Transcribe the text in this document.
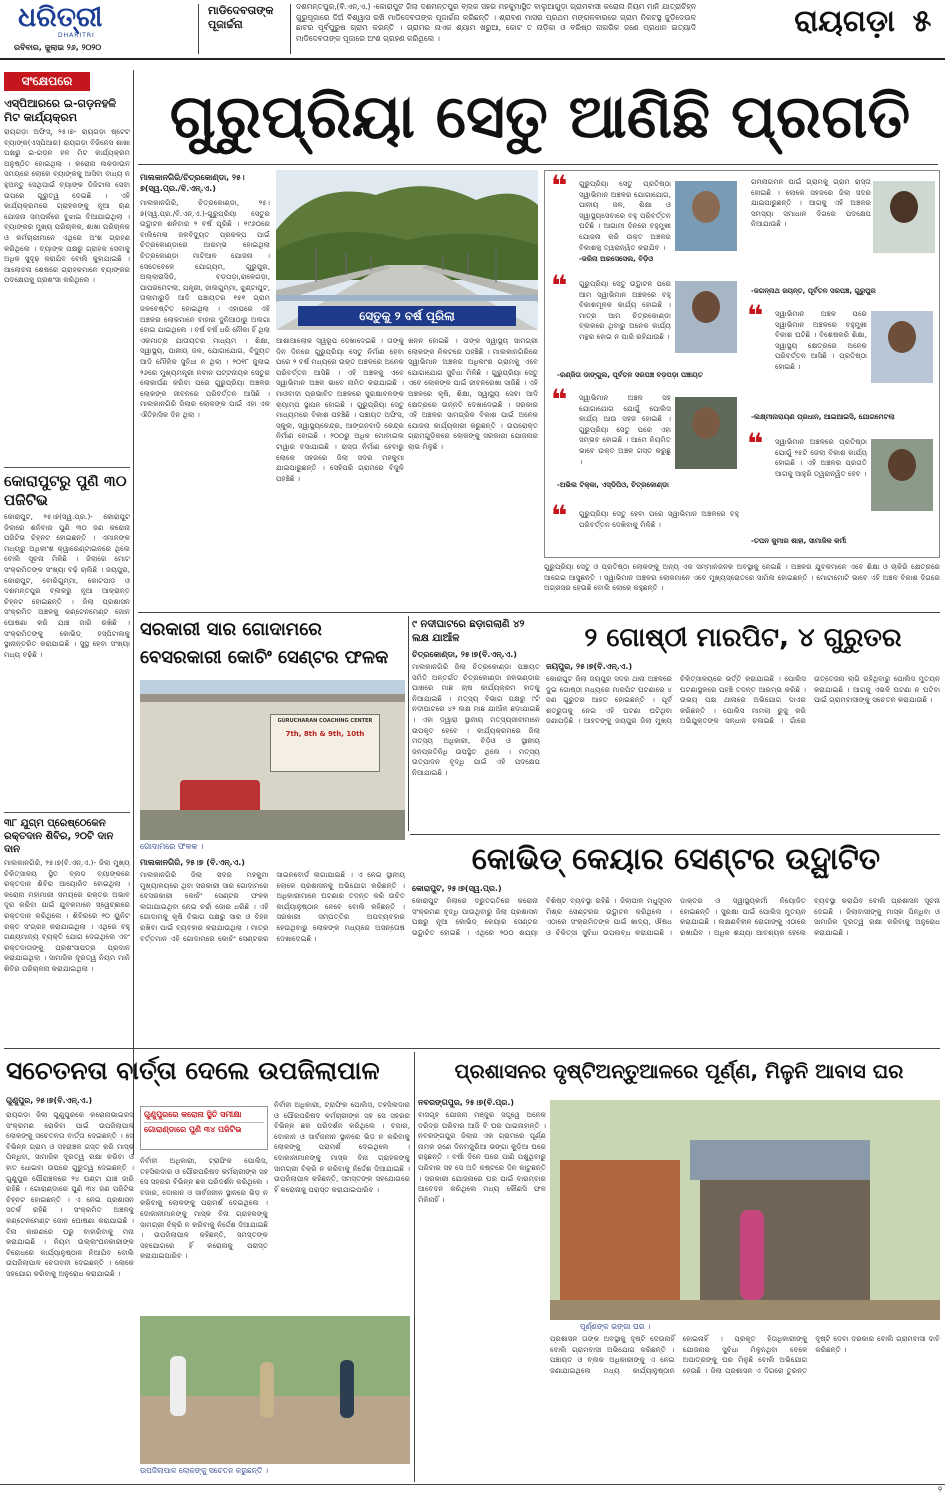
ଧରିତ୍ରୀ
DHARITRI
ରବିବାର, ଜୁଲାଇ ୨୬, ୨୦୨୦
ମାଡିଦେବତାଙ୍କ ପୂଜାର୍ଚ୍ଚନା
ଦଶମନ୍ତପୁର,(ବି.ଏନ୍.ଏ.) -କୋରାପୁଟ ଜିଲା ଦଶମନ୍ତପୁର ବ୍ଲକ ସହର ମହକୁମାସ୍ଥିତ ବାଲୁଆଗୁଡ଼ା ଗ୍ରାମବାସୀ କରୋନା ନିୟମ ମାନି ଯାତ୍ରାଚିହ୍ନ ଗୁରୁପୂଜାରେ ଦିଅଁ ବିଶ୍ୱାସ ରଖି ମାଡିଦେବତାଙ୍କ ପୂଜାର୍ଚ୍ଚନା କରିଛନ୍ତି । ଶ୍ରାବଣ ମାସର ପ୍ରଥମ ମଙ୍ଗଳବାରରେ ଗ୍ରାମ ନିକଟସ୍ଥ ଜୁଡ଼ିଦେଉଳ ଛାଟର ପୂର୍ବପୁରୁଷ ଗ୍ରାମ କରନ୍ତି । ଗ୍ରାମର ନାଏକ ଶ୍ୟାମ ଖରୁଆ, କୋଟ ତ ନାଡ଼ିକା ଓ ବରିଷ୍ଠ ନାଗରିକ ଜଣେ ପ୍ରଧାନ ଇତ୍ୟାଦି ମାଡିଦେବତାଙ୍କ ପୂଜାରେ ଅଂଶ ଗ୍ରହଣ କରିଥିଲେ ।	ରାୟଗଡ଼ା ୫
ସଂକ୍ଷେପରେ
ଏସ୍ପିଆରରେ ଇ-ଗଡ଼ନହଳି ମିଟ କାର୍ଯ୍ୟକ୍ରମ
ରାୟଗଡ଼ା ଅଫିସ୍, ୨୫।୭- ରାୟଗଡ଼ା ଷ୍ଟେଟ ବ୍ୟାଙ୍କ(ଏସ୍ପିଆର) ରାୟଗଡ଼ା ବିଜିନେସ ଶାଖା ପକ୍ଷରୁ ଇ-ଗଡ଼ନ ହଳ ମିଟ କାର୍ଯ୍ୟକ୍ରମ ଅନୁଷ୍ଠିତ ହୋଇଥିଲା । କରୋନା ଲକଡାଉନ ସମୟରେ ଲୋକେ ବ୍ୟାଙ୍କକୁ ଆସିବା ବାଧ୍ୟ ନ ହୁଅନ୍ତୁ ସେଥିପାଇଁ ବ୍ୟାଙ୍କ ଡିଜିଟାଲ ସେବା ଉପରେ ଗୁରୁତ୍ୱ ଦେଇଛି । ଏହି କାର୍ଯ୍ୟକ୍ରମରେ ଗ୍ରାହକଙ୍କୁ ନୂଆ ଋଣ ଯୋଜନା ସମ୍ପର୍କରେ ବୁଝାଇ ଦିଆଯାଇଥିଲା । ବ୍ୟାଙ୍କର ମୁଖ୍ୟ ପରିଚାଳକ, ଶାଖା ପରିଚାଳକ ଓ କର୍ମଚାରୀମାନେ ଏଥିରେ ଅଂଶ ଗ୍ରହଣ କରିଥିଲେ । ବ୍ୟାଙ୍କ ପକ୍ଷରୁ ଗ୍ରାହକ ସେବାକୁ ଅଧିକ ସୁଦୃଢ଼ କରାଯିବ ବୋଲି କୁହାଯାଇଛି । ଆଲୋଚନା ଶେଷରେ ଗ୍ରାହକମାନେ ବ୍ୟାଙ୍କର ପଦକ୍ଷେପକୁ ପ୍ରଶଂସା କରିଥିଲେ ।
କୋରାପୁଟରୁ ପୁଣି ୩୦ ପଜିଟିଭ
କୋରାପୁଟ, ୨୫।୭(ସ୍ୱ.ପ୍ର.)- କୋରାପୁଟ ଜିଲାରେ ଶନିବାର ପୁଣି ୩୦ ଜଣ କରୋନା ପଜିଟିଭ ଚିହ୍ନଟ ହୋଇଛନ୍ତି । ଏମାନଙ୍କ ମଧ୍ୟରୁ ଅଧିକାଂଶ କ୍ୱାରେଣ୍ଟାଇନରେ ଥିଲେ ବୋଲି ସୂଚନା ମିଳିଛି । ଜିଲାରେ ମୋଟ ସଂକ୍ରମିତଙ୍କ ସଂଖ୍ୟା ବଢ଼ି ଚାଲିଛି । ଜୟପୁର, କୋରାପୁଟ, ବୋରିଗୁମ୍ମା, କୋଟପାଡ଼ ଓ ଦଶମନ୍ତପୁର ବ୍ଲକରୁ ନୂଆ ଆକ୍ରାନ୍ତ ଚିହ୍ନଟ ହୋଇଛନ୍ତି । ଜିଲା ପ୍ରଶାସନ ସଂକ୍ରମିତ ଅଞ୍ଚଳକୁ କଣ୍ଟେନମେଣ୍ଟ ଜୋନ ଘୋଷଣା କରି ଯାଞ୍ଚ ଜାରି ରଖିଛି । ସଂକ୍ରମିତଙ୍କୁ କୋଭିଡ୍ ହସ୍ପିଟାଲକୁ ସ୍ଥାନାନ୍ତରିତ କରାଯାଇଛି । ସୁସ୍ଥ ହେବା ସଂଖ୍ୟା ମଧ୍ୟ ବଢ଼ିଛି ।
୩୮ ଯୁଗ୍ମ ପ୍ରେଷ୍ଠେକେନ ରକ୍ତଦାନ ଶିବିର, ୨୦ଟି ଦାନ ଦାନ
ମାଲକାନଗିରି, ୨୫।୭(ବି.ଏନ୍.ଏ.)- ଜିଲା ମୁଖ୍ୟ ଚିକିତ୍ସାଳୟ ସ୍ଥିତ ବ୍ଲଡ ବ୍ୟାଙ୍କରେ ରକ୍ତଦାନ ଶିବିର ଆୟୋଜିତ ହୋଇଥିଲା । କରୋନା ମହାମାରୀ ସମୟରେ ରକ୍ତର ଅଭାବ ଦୂର କରିବା ପାଇଁ ଯୁବକମାନେ ସ୍ୱେଚ୍ଛାରେ ରକ୍ତଦାନ କରିଥିଲେ । ଶିବିରରେ ୨୦ ୟୁନିଟ ରକ୍ତ ସଂଗ୍ରହ କରାଯାଇଥିଲା । ଏଥିରେ ବହୁ ଗଣ୍ୟମାନ୍ୟ ବ୍ୟକ୍ତି ଯୋଗ ଦେଇଥିଲେ ଏବଂ ରକ୍ତଦାତାଙ୍କୁ ପ୍ରଶଂସାପତ୍ର ପ୍ରଦାନ କରାଯାଇଥିଲା । ସାମାଜିକ ଦୂରତ୍ୱ ନିୟମ ମାନି ଶିବିର ପରିଚାଳନା କରାଯାଇଥିଲା ।
ଗୁରୁପ୍ରିୟା ସେତୁ ଆଣିଛି ପ୍ରଗତି
ମାଲକାନଗିରି/ଚିତ୍ରକୋଣ୍ଡା, ୨୫।୭(ସ୍ୱ.ପ୍ର./ବି.ଏନ୍.ଏ.)
ମାଲକାନଗିରି, ଚିତ୍ରକୋଣ୍ଡା, ୨୫।୭(ସ୍ୱ.ପ୍ର./ବି.ଏନ୍.ଏ.)-ଗୁରୁପ୍ରିୟା ସେତୁର ଉଦ୍ଘାଟନ ଶନିବାର ୨ ବର୍ଷ ପୂରିଛି । ୧୯୬୦ରେ ବାଲିମେଳା ଜଳବିଦ୍ୟୁତ ପ୍ରକଳ୍ପ ପାଇଁ ଚିତ୍ରକୋଣ୍ଡାରେ ଆରମ୍ଭ ହୋଇଥିଲା ଚିତ୍ରକୋଣ୍ଡା ମାଟିଆଳ ଯୋଜନା । ସେତେବେଳେ ଯୋଗ୍ୟମ, ଗୁରୁପୁର, ଅଲ୍ଲାରାସିଡି, ବଡ଼ପଡ଼ା,ରାଳେଗଡ଼ା, ପାପରମେଟଲା, ଯନ୍ତ୍ରୀ, ଜାଲଗୁମ୍ମା, ଝୁଣ୍ଟାପୁଟ, ତାଲାମାରୁଡ଼ି ଆଦି ପଞ୍ଚାୟତର ୧୫୧ ଗ୍ରାମ ଜଳବେଷ୍ଟିତ ହୋଇଥିଲା । ଏହାପରେ ଏହି ଅଞ୍ଚଳର ଲୋକମାନେ ବାହାର ଦୁନିଆଠାରୁ ଅଲଗା ହୋଇ ଯାଇଥିଲେ । ବର୍ଷ ବର୍ଷ ଧରି ନୌକା ହିଁ ଥିଲା ଏକମାତ୍ର ଯାତାୟତର ମାଧ୍ୟମ । ଶିକ୍ଷା, ସ୍ୱାସ୍ଥ୍ୟ, ପାନୀୟ ଜଳ, ଯୋଗାଯୋଗ, ବିଦ୍ୟୁତ ଆଦି ମୌଳିକ ସୁବିଧା ନ ଥିଲା । ୨୦୧୮ ଜୁଲାଇ ୨୬ରେ ମୁଖ୍ୟମନ୍ତ୍ରୀ ନବୀନ ପଟ୍ଟନାୟକ ସେତୁର ଲୋକାର୍ପଣ କରିବା ପରେ ଗୁରୁପ୍ରିୟା ଅଞ୍ଚଳର ଲୋକଙ୍କ ଜୀବନରେ ପରିବର୍ତ୍ତନ ଆସିଛି । ମାଲକାନଗିରି ଜିଲାର ଲୋକଙ୍କ ପାଇଁ ଏହା ଏକ ଐତିହାସିକ ଦିନ ଥିଲା ।
ସେତୁକୁ ୨ ବର୍ଷ ପୂରିଲା
ଆଶାଆଲୋକ ସ୍ୱରୂପ ଦେଖାଦେଇଛି । ତାଙ୍କୁ ଦିନ ଦିନରେ ଗୁରୁପ୍ରିୟା ସେତୁ ନିର୍ମାଣ ହେବା ପରେ ୨ ବର୍ଷ ମଧ୍ୟରେ ଉକ୍ତ ଅଞ୍ଚଳରେ ଅନେକ ପରିବର୍ତ୍ତନ ଆସିଛି । ଏହି ଅଞ୍ଚଳକୁ ଏବେ ସ୍ୱାଭିମାନ ଅଞ୍ଚଳ ଭାବେ ନାମିତ କରାଯାଇଛି । ମାଓବାଦୀ ପ୍ରଭାବିତ ଅଞ୍ଚଳରେ ସୁରକ୍ଷାବଳଙ୍କ କ୍ୟାମ୍ପ ସ୍ଥାପନ ହୋଇଛି । ଗୁରୁପ୍ରିୟା ସେତୁ ମାଧ୍ୟମରେ ବିକାଶ ପହଞ୍ଚିଛି । ପଞ୍ଚାୟତ ଅଫିସ, ସ୍କୁଲ, ସ୍ୱାସ୍ଥ୍ୟକେନ୍ଦ୍ର, ଆଙ୍ଗନବାଡ଼ି କେନ୍ଦ୍ର ନିର୍ମାଣ ହୋଇଛି । ୨୦୦ରୁ ଅଧିକ ମୋବାଇଲ ଟାୱାର ବସାଯାଇଛି । ରାସ୍ତା ନିର୍ମାଣ ହେବାରୁ ଲୋକେ ସହଜରେ ଜିଲା ସଦର ମହକୁମା ଯାଇପାରୁଛନ୍ତି । ସେହିପରି ଗ୍ରାମରେ ବିଜୁଳି ପହଞ୍ଚିଛି ।
ଖନନ ହୋଇଛି । ତାଙ୍କ ସ୍ୱାସ୍ଥ୍ୟ ସାମଗ୍ରୀ ଲୋକଙ୍କ ନିକଟରେ ପହଞ୍ଚିଛି । ମାଲକାନଗିରିରେ ସ୍ୱାଭିମାନ ଅଞ୍ଚଳର ଅଧିକାଂଶ ଗ୍ରାମକୁ ଏବେ ଯୋଗାଯୋଗ ସୁବିଧା ମିଳିଛି । ଗୁରୁପ୍ରିୟା ସେତୁ ଏବେ ଲୋକଙ୍କ ପାଇଁ ଜୀବନରେଖା ସାଜିଛି । ଏହି ଅଞ୍ଚଳରେ କୃଷି, ଶିକ୍ଷା, ସ୍ୱାସ୍ଥ୍ୟ ସେବା ଆଦି କ୍ଷେତ୍ରରେ ଉନ୍ନତି ଦେଖାଦେଇଛି । ସରକାର ଏହି ଅଞ୍ଚଳର ସାମଗ୍ରିକ ବିକାଶ ପାଇଁ ଅନେକ ଯୋଜନା କାର୍ଯ୍ୟକାରୀ କରୁଛନ୍ତି । ଉପରୋକ୍ତ ଗ୍ରାମଗୁଡ଼ିକରେ ଲୋକଙ୍କୁ ସରକାରୀ ଯୋଜନାର ଲାଭ ମିଳୁଛି ।
❝ ଗୁରୁପ୍ରିୟା ସେତୁ ପ୍ରତିଷ୍ଠା ସ୍ୱାଭିମାନ ଅଞ୍ଚଳର ଯୋଗାଯୋଗ, ପାନୀୟ ଜଳ, ଶିକ୍ଷା ଓ ସ୍ୱାସ୍ଥ୍ୟସେବାରେ ବହୁ ପରିବର୍ତ୍ତନ ଘଟିଛି । ଆଗାମୀ ଦିନରେ ବହୁମୁଖୀ ଯୋଜନା କରି ଉକ୍ତ ଅଞ୍ଚଳର ବିକାଶକୁ ତ୍ୱରାନ୍ୱିତ କରାଯିବ ।
-ଜରିନା ଅରସେସେଲ, ବିଡ଼ିଓ
❝ ଗୁରୁପ୍ରିୟା ସେତୁ ଉଦ୍ଘାଟନ ପରେ ଆମ ସ୍ୱାଭିମାନ ଅଞ୍ଚଳରେ ବହୁ ବିକାଶମୂଳକ କାର୍ଯ୍ୟ ହୋଇଛି । ମାତ୍ର ଆମ ଚିତ୍ରକୋଣ୍ଡା ବ୍ଲକରେ ଥିବାରୁ ଅନେକ କାର୍ଯ୍ୟ ମନ୍ଥର ହୋଇ ନ ପାରି ରହିଯାଉଛି ।
-ରଣ୍ଜିତା ଡାଙ୍ଗୁଲ, ପୂର୍ବତନ ସରପଞ୍ଚ ବଡ଼ପଡ଼ା ପଞ୍ଚାୟତ
❝ ସ୍ୱାଭିମାନ ଅଞ୍ଚଳ ସହ ଯୋଗାଯୋଗ ଯୋଗୁଁ ପୋଲିସ କାର୍ଯ୍ୟ ଆଉ ସହଜ ହୋଇଛି । ଗୁରୁପ୍ରିୟା ସେତୁ ପରେ ଏହା ସମ୍ଭବ ହୋଇଛି । ଆମେ ନିୟମିତ ଭାବେ ଉକ୍ତ ଅଞ୍ଚଳ ଗସ୍ତ କରୁଛୁ ।
-ଅଭିଲ ଟିକ୍କା, ଏସ୍ଡିପିଓ, ଚିତ୍ରକୋଣ୍ଡା
❝ ଗୁରୁପ୍ରିୟା ସେତୁ ହେବା ପରେ ସ୍ୱାଭିମାନ ଅଞ୍ଚଳରେ ବହୁ ପରିବର୍ତ୍ତନ ଦେଖିବାକୁ ମିଳିଛି ।
ଗମନାଗମନ ପାଇଁ ଗ୍ରାମକୁ ଗ୍ରାମ ରାସ୍ତା ହୋଇଛି । ଲୋକେ ସହଜରେ ଜିଲା ସଦର ଯାଇପାରୁଛନ୍ତି । ଆଗକୁ ଏହି ଅଞ୍ଚଳର ସମସ୍ୟା ସମାଧାନ ଦିଗରେ ପଦକ୍ଷେପ ନିଆଯାଉଛି ।
-ଜଗନ୍ନାଥ ଜୟନ୍ତ, ପୂର୍ବତନ ସରପଞ୍ଚ, ଗୁରୁପୁର
❝ ସ୍ୱାଭିମାନ ଅଞ୍ଚଳ ପରେ ସ୍ୱାଭିମାନ ଅଞ୍ଚଳରେ ବହୁମୁଖୀ ବିକାଶ ଘଟିଛି । ବିଶେଷକରି ଶିକ୍ଷା, ସ୍ୱାସ୍ଥ୍ୟ କ୍ଷେତ୍ରରେ ଅନେକ ପରିବର୍ତ୍ତନ ଆସିଛି । ପ୍ରତିଷ୍ଠା ହୋଇଛି ।
-ଲକ୍ଷ୍ମୀନାରାୟଣ ପ୍ରଧାନ, ଆଇଆଇସି, ଯୋଗମେଟଲା
❝ ସ୍ୱାଭିମାନ ଅଞ୍ଚଳରେ ପ୍ରତିଷ୍ଠା ଯୋଗୁଁ ୨୫ଟି ଜେଲା ବିକାଶ କାର୍ଯ୍ୟ ହୋଇଛି । ଏହି ଅଞ୍ଚଳର ପ୍ରଗତି ଆଗକୁ ଆହୁରି ତ୍ୱରାନ୍ୱିତ ହେବ ।
-ତପନ କୁମାର ଶାହା, ସାମାଜିକ କର୍ମୀ
ଗୁରୁପ୍ରିୟା ସେତୁ ଓ ପ୍ରତିଷ୍ଠା ଲୋକଙ୍କୁ ଅନ୍ୟ ଏକ ସମ୍ମାନଜନକ ଅବସ୍ଥାକୁ ନେଇଛି । ଅଞ୍ଚଳର ଯୁବକମାନେ ଏବେ ଶିକ୍ଷା ଓ ଚାକିରି କ୍ଷେତ୍ରରେ ଆଗେଇ ଆସୁଛନ୍ତି । ସ୍ୱାଭିମାନ ଅଞ୍ଚଳର ଲୋକମାନେ ଏବେ ମୁଖ୍ୟସ୍ରୋତରେ ସାମିଲ ହୋଇଛନ୍ତି । ମୋଟାମୋଟି ଭାବେ ଏହି ଅଞ୍ଚଳ ବିକାଶ ଦିଗରେ ଅଗ୍ରସର ହେଉଛି ବୋଲି ଲୋକେ କହୁଛନ୍ତି ।
ସରକାରୀ ସାର ଗୋଦାମରେ
ବେସରକାରୀ କୋଚିଂ ସେଣ୍ଟର ଫଳକ
GURUCHARAN COACHING CENTER
7th, 8th & 9th, 10th
ଗୋଦାମରେ ଫଳକ ।
ମାଲକାନଗିରି, ୨୫।୭ (ବି.ଏନ୍.ଏ.)
ମାଲକାନଗିରି ଜିଲା ସଦର ମହକୁମା ମୁଖ୍ୟାଳୟରେ ଥିବା ସରକାରୀ ସାର ଗୋଦାମରେ ବେସରକାରୀ କୋଚିଂ ସେଣ୍ଟର ଫଳକ ଲଗାଯାଇଥିବା ନେଇ ଚର୍ଚ୍ଚା ଜୋର ଧରିଛି । ଏହି ଗୋଦାମକୁ କୃଷି ବିଭାଗ ପକ୍ଷରୁ ସାର ଓ ବିହନ ରଖିବା ପାଇଁ ବ୍ୟବହାର କରାଯାଉଥିଲା । ମାତ୍ର ବର୍ତ୍ତମାନ ଏହି ଗୋଦାମରେ କୋଚିଂ ସେଣ୍ଟରର ସାଇନବୋର୍ଡ ଲଗାଯାଇଛି । ଏ ନେଇ ସ୍ଥାନୀୟ ଲୋକେ ପ୍ରଶାସନକୁ ଅଭିଯୋଗ କରିଛନ୍ତି । ଅଧିକାରୀମାନେ ଘଟଣାର ତଦନ୍ତ କରି ଉଚିତ କାର୍ଯ୍ୟାନୁଷ୍ଠାନ ନେବେ ବୋଲି କହିଛନ୍ତି । ସରକାରୀ ସମ୍ପତ୍ତିର ଅପବ୍ୟବହାର ହେଉଥିବାରୁ ଲୋକଙ୍କ ମଧ୍ୟରେ ଅସନ୍ତୋଷ ଦେଖାଦେଇଛି ।
୯ ନଦୀଘାଟରେ ଛଡ଼ାଗଲାଣି ୪୨ ଲକ୍ଷ ଯାଆଁଳ
ଚିତ୍ରକୋଣ୍ଡା, ୨୫।୭(ବି.ଏନ୍.ଏ.)
ମାଲକାନଗିରି ଜିଲା ଚିତ୍ରକୋଣ୍ଡା ପଞ୍ଚାୟତ ସମିତି ଅନ୍ତର୍ଗତ ଚିତ୍ରକୋଣ୍ଡା ଜଳଭଣ୍ଡାର ପାଖରେ ମାଛ ଚାଷ କାର୍ଯ୍ୟକ୍ରମ ହାତକୁ ନିଆଯାଇଛି । ମତ୍ସ୍ୟ ବିଭାଗ ପକ୍ଷରୁ ୯ଟି ନଦୀଘାଟରେ ୪୨ ଲକ୍ଷ ମାଛ ଯାଆଁଳ ଛଡ଼ାଯାଇଛି । ଏହା ଦ୍ୱାରା ସ୍ଥାନୀୟ ମତ୍ସ୍ୟଜୀବୀମାନେ ଉପକୃତ ହେବେ । କାର୍ଯ୍ୟକ୍ରମରେ ଜିଲା ମତ୍ସ୍ୟ ଅଧିକାରୀ, ବିଡ଼ିଓ ଓ ସ୍ଥାନୀୟ ଜନପ୍ରତିନିଧି ଉପସ୍ଥିତ ଥିଲେ । ମତ୍ସ୍ୟ ଉତ୍ପାଦନ ବୃଦ୍ଧି ପାଇଁ ଏହି ପଦକ୍ଷେପ ନିଆଯାଇଛି ।
୨ ଗୋଷ୍ଠୀ ମାରପିଟ, ୪ ଗୁରୁତର
ଜୟପୁର, ୨୫।୭(ବି.ଏନ୍.ଏ.)
କୋରାପୁଟ ଜିଲା ଜୟପୁର ସଦର ଥାନା ଅଞ୍ଚଳରେ ଦୁଇ ଗୋଷ୍ଠୀ ମଧ୍ୟରେ ମାରପିଟ ଘଟଣାରେ ୪ ଜଣ ଗୁରୁତର ଆହତ ହୋଇଛନ୍ତି । ପୂର୍ବ ଶତ୍ରୁତାକୁ ନେଇ ଏହି ଘଟଣା ଘଟିଥିବା ଜଣାପଡ଼ିଛି । ଆହତଙ୍କୁ ଜୟପୁର ଜିଲା ମୁଖ୍ୟ ଚିକିତ୍ସାଳୟରେ ଭର୍ତ୍ତି କରାଯାଇଛି । ପୋଲିସ ଘଟଣାସ୍ଥଳରେ ପହଞ୍ଚି ତଦନ୍ତ ଆରମ୍ଭ କରିଛି । ଉଭୟ ପକ୍ଷ ଥାନାରେ ଅଭିଯୋଗ ଦାଏର କରିଛନ୍ତି । ପୋଲିସ ମାମଲା ରୁଜୁ କରି ଅଭିଯୁକ୍ତଙ୍କ ସନ୍ଧାନ ଚଳାଇଛି । ଗାଁରେ ଉତ୍ତେଜନା ଲାଗି ରହିଥିବାରୁ ପୋଲିସ ମୁତୟନ କରାଯାଇଛି । ଆଗକୁ ଏଭଳି ଘଟଣା ନ ଘଟିବା ପାଇଁ ଗ୍ରାମବାସୀଙ୍କୁ ସଚେତନ କରାଯାଉଛି ।
କୋଭିଡ୍ କେୟାର ସେଣ୍ଟର ଉଦ୍ଘାଟିତ
କୋରାପୁଟ, ୨୫।୭(ସ୍ୱ.ପ୍ର.)
କୋରାପୁଟ ଜିଲାରେ ଦ୍ରୁତଗତିରେ କରୋନା ସଂକ୍ରମଣ ବୃଦ୍ଧି ପାଉଥିବାରୁ ଜିଲା ପ୍ରଶାସନ ପକ୍ଷରୁ ନୂଆ କୋଭିଡ୍ କେୟାର ସେଣ୍ଟର ଉଦ୍ଘାଟିତ ହୋଇଛି । ଏଥିରେ ୨୦୦ ଶଯ୍ୟା ବିଶିଷ୍ଟ ବ୍ୟବସ୍ଥା ରହିଛି । ଜିଲାପାଳ ମଧୁସୂଦନ ମିଶ୍ର ସେଣ୍ଟରର ଉଦ୍ଘାଟନ କରିଥିଲେ । ଏଠାରେ ସଂକ୍ରମିତଙ୍କ ପାଇଁ ଖାଦ୍ୟ, ଔଷଧ ଓ ଚିକିତ୍ସା ସୁବିଧା ଉପଲବ୍ଧ କରାଯାଇଛି । ଡାକ୍ତର ଓ ସ୍ୱାସ୍ଥ୍ୟକର୍ମୀ ନିୟୋଜିତ ହୋଇଛନ୍ତି । ସୁରକ୍ଷା ପାଇଁ ପୋଲିସ ମୁତୟନ କରାଯାଇଛି । ଲକ୍ଷଣବିହୀନ ରୋଗୀଙ୍କୁ ଏଠାରେ ରଖାଯିବ । ଅଧିକ ଶଯ୍ୟା ଆବଶ୍ୟକ ହେଲେ ବ୍ୟବସ୍ଥା କରାଯିବ ବୋଲି ପ୍ରଶାସନ ସୂଚନା ଦେଇଛି । ଜିଲାବାସୀଙ୍କୁ ମାସ୍କ ପିନ୍ଧିବା ଓ ସାମାଜିକ ଦୂରତ୍ୱ ରକ୍ଷା କରିବାକୁ ଅନୁରୋଧ କରାଯାଇଛି ।
ସଚେତନତା ବାର୍ତ୍ତା ଦେଲେ ଉପଜିଲାପାଳ
ଗୁଣୁପୁର, ୨୫।୭(ବି.ଏନ୍.ଏ.)
ରାୟଗଡ଼ା ଜିଲା ଗୁଣୁପୁରରେ କରୋନାଭାଇରସ ସଂକ୍ରମଣ ରୋକିବା ପାଇଁ ଉପଜିଲାପାଳ ଲୋକଙ୍କୁ ସଚେତନତା ବାର୍ତ୍ତା ଦେଇଛନ୍ତି । ସେ ବିଭିନ୍ନ ଗ୍ରାମ ଓ ସହରାଞ୍ଚଳ ଗସ୍ତ କରି ମାସ୍କ ପିନ୍ଧିବା, ସାମାଜିକ ଦୂରତ୍ୱ ରକ୍ଷା କରିବା ଓ ହାତ ଧୋଇବା ଉପରେ ଗୁରୁତ୍ୱ ଦେଇଛନ୍ତି । ଗୁଣୁପୁର ପୌରାଞ୍ଚଳରେ ୨୪ ଘଣ୍ଟା ଯାଞ୍ଚ ଜାରି ରହିଛି । ଗୋରାଣ୍ଡାରେ ପୁଣି ୩୪ ଜଣ ପଜିଟିଭ ଚିହ୍ନଟ ହୋଇଛନ୍ତି । ଏ ନେଇ ପ୍ରଶାସନ ସତର୍କ ରହିଛି । ସଂକ୍ରମିତ ଅଞ୍ଚଳକୁ କଣ୍ଟେନମେଣ୍ଟ ଜୋନ ଘୋଷଣା କରାଯାଇଛି । ବିନା କାରଣରେ ଘରୁ ବାହାରିବାକୁ ମନା କରାଯାଇଛି । ନିୟମ ଉଲ୍ଲଂଘନକାରୀଙ୍କ ବିରୋଧରେ କାର୍ଯ୍ୟାନୁଷ୍ଠାନ ନିଆଯିବ ବୋଲି ଉପଜିଲାପାଳ ଚେତାବନୀ ଦେଇଛନ୍ତି । ଲୋକେ ସହଯୋଗ କରିବାକୁ ଅନୁରୋଧ କରାଯାଇଛି ।
ଗୁଣୁପୁରରେ କରୋନା ସ୍ଥିତି ସମୀକ୍ଷା
ଗୋରାଣ୍ଡାରେ ପୁଣି ୩୪ ପଜିଟିଭ
ନିର୍ବାହୀ ଅଧିକାରୀ, ଟ୍ରାଫିକ ପୋଲିସ, ତହସିଲଦାର ଓ ପୌରପରିଷଦ କର୍ମଚାରୀଙ୍କ ସହ ସେ ସହରର ବିଭିନ୍ନ ଛକ ପରିଦର୍ଶନ କରିଥିଲେ । ବଜାର, ଦୋକାନ ଓ ସାର୍ବଜନୀନ ସ୍ଥାନରେ ଭିଡ଼ ନ କରିବାକୁ ଲୋକଙ୍କୁ ପରାମର୍ଶ ଦେଇଥିଲେ । ଦୋକାନୀମାନଙ୍କୁ ମାସ୍କ ବିନା ଗ୍ରାହକଙ୍କୁ ସାମଗ୍ରୀ ବିକ୍ରି ନ କରିବାକୁ ନିର୍ଦ୍ଦେଶ ଦିଆଯାଇଛି । ଉପଜିଲାପାଳ କହିଛନ୍ତି, ସମସ୍ତଙ୍କ ସହଯୋଗରେ ହିଁ କରୋନାକୁ ପରାସ୍ତ କରାଯାଇପାରିବ ।
ଉପଜିଲାପାଳ ଲୋକଙ୍କୁ ସଚେତନ କରୁଛନ୍ତି ।
ନିର୍ବାହୀ ଅଧିକାରୀ, ଟ୍ରାଫିକ ପୋଲିସ, ତହସିଲଦାର ଓ ପୌରପରିଷଦ କର୍ମଚାରୀଙ୍କ ସହ ସେ ସହରର ବିଭିନ୍ନ ଛକ ପରିଦର୍ଶନ କରିଥିଲେ । ବଜାର, ଦୋକାନ ଓ ସାର୍ବଜନୀନ ସ୍ଥାନରେ ଭିଡ଼ ନ କରିବାକୁ ଲୋକଙ୍କୁ ପରାମର୍ଶ ଦେଇଥିଲେ । ଦୋକାନୀମାନଙ୍କୁ ମାସ୍କ ବିନା ଗ୍ରାହକଙ୍କୁ ସାମଗ୍ରୀ ବିକ୍ରି ନ କରିବାକୁ ନିର୍ଦ୍ଦେଶ ଦିଆଯାଇଛି । ଉପଜିଲାପାଳ କହିଛନ୍ତି, ସମସ୍ତଙ୍କ ସହଯୋଗରେ ହିଁ କରୋନାକୁ ପରାସ୍ତ କରାଯାଇପାରିବ ।
ପ୍ରଶାସନର ଦୃଷ୍ଟିଅନ୍ତୁଆଳରେ ପୂର୍ଣ୍ଣ, ମିଳୁନି ଆବାସ ଘର
ନବରଙ୍ଗପୁର, ୨୫।୭(ବି.ପ୍ର.)
ବାସଗୃହ ଯୋଜନା ମଞ୍ଜୁର ସତ୍ତ୍ୱେ ଅନେକ ଦରିଦ୍ର ପରିବାର ଆଜି ବି ଘର ପାଇନାହାନ୍ତି । ନବରଙ୍ଗପୁର ଜିଲାର ଏକ ଗ୍ରାମରେ ପୂର୍ଣ୍ଣ ନାମକ ଜଣେ ଦିନମଜୁରିଆ ଭଙ୍ଗା କୁଡ଼ିଆ ଘରେ ରହୁଛନ୍ତି । ବର୍ଷା ଦିନେ ଘରେ ପାଣି ପଶୁଥିବାରୁ ପରିବାର ସହ ସେ ଅତି କଷ୍ଟରେ ଦିନ କାଟୁଛନ୍ତି । ସରକାରୀ ଯୋଜନାରେ ଘର ପାଇଁ ବାରମ୍ବାର ଆବେଦନ କରିଥିଲେ ମଧ୍ୟ କୌଣସି ଫଳ ମିଳିନାହିଁ ।
ପୂର୍ଣ୍ଣଙ୍କ ଭଙ୍ଗା ଘର ।
ପ୍ରଶାସନ ତାଙ୍କ ଅବସ୍ଥାକୁ ଦୃଷ୍ଟି ଦେଉନାହିଁ ବୋଲି ଗ୍ରାମବାସୀ ଅଭିଯୋଗ କରିଛନ୍ତି । ପଞ୍ଚାୟତ ଓ ବ୍ଲକ ଅଧିକାରୀଙ୍କୁ ଏ ନେଇ ଜଣାଯାଇଥିଲେ ମଧ୍ୟ କାର୍ଯ୍ୟାନୁଷ୍ଠାନ ହୋଇନାହିଁ । ପ୍ରକୃତ ହିତାଧିକାରୀଙ୍କୁ ଯୋଜନାର ସୁବିଧା ମିଳୁନଥିବା ବେଳେ ଅପାତ୍ରଙ୍କୁ ଘର ମିଳୁଛି ବୋଲି ଅଭିଯୋଗ ହେଉଛି । ଜିଲା ପ୍ରଶାସନ ଏ ଦିଗରେ ତୁରନ୍ତ ଦୃଷ୍ଟି ଦେବା ଦରକାର ବୋଲି ଗ୍ରାମବାସୀ ଦାବି କରିଛନ୍ତି ।

୨
